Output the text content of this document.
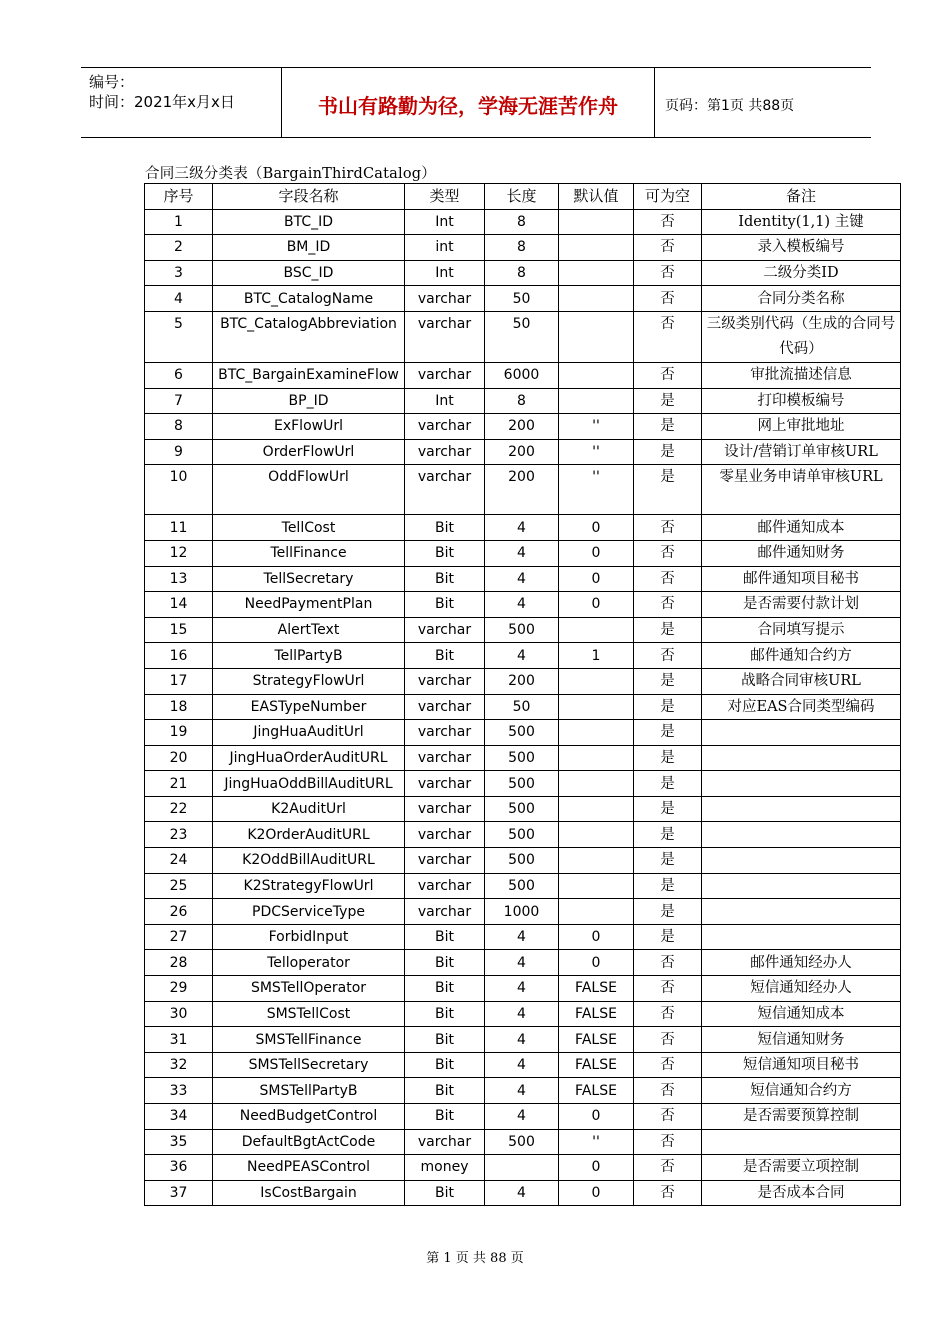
编号：
时间：2021年x月x日	书山有路勤为径，学海无涯苦作舟	页码：第1页 共88页
合同三级分类表（BargainThirdCatalog）
序号	字段名称	类型	长度	默认值	可为空	备注
1	BTC_ID	Int	8		否	Identity(1,1) 主键
2	BM_ID	int	8		否	录入模板编号
3	BSC_ID	Int	8		否	二级分类ID
4	BTC_CatalogName	varchar	50		否	合同分类名称
5	BTC_CatalogAbbreviation	varchar	50		否	三级类别代码（生成的合同号代码）
6	BTC_BargainExamineFlow	varchar	6000		否	审批流描述信息
7	BP_ID	Int	8		是	打印模板编号
8	ExFlowUrl	varchar	200	''	是	网上审批地址
9	OrderFlowUrl	varchar	200	''	是	设计/营销订单审核URL
10	OddFlowUrl	varchar	200	''	是	零星业务申请单审核URL
11	TellCost	Bit	4	0	否	邮件通知成本
12	TellFinance	Bit	4	0	否	邮件通知财务
13	TellSecretary	Bit	4	0	否	邮件通知项目秘书
14	NeedPaymentPlan	Bit	4	0	否	是否需要付款计划
15	AlertText	varchar	500		是	合同填写提示
16	TellPartyB	Bit	4	1	否	邮件通知合约方
17	StrategyFlowUrl	varchar	200		是	战略合同审核URL
18	EASTypeNumber	varchar	50		是	对应EAS合同类型编码
19	JingHuaAuditUrl	varchar	500		是	
20	JingHuaOrderAuditURL	varchar	500		是	
21	JingHuaOddBillAuditURL	varchar	500		是	
22	K2AuditUrl	varchar	500		是	
23	K2OrderAuditURL	varchar	500		是	
24	K2OddBillAuditURL	varchar	500		是	
25	K2StrategyFlowUrl	varchar	500		是	
26	PDCServiceType	varchar	1000		是	
27	ForbidInput	Bit	4	0	是	
28	Telloperator	Bit	4	0	否	邮件通知经办人
29	SMSTellOperator	Bit	4	FALSE	否	短信通知经办人
30	SMSTellCost	Bit	4	FALSE	否	短信通知成本
31	SMSTellFinance	Bit	4	FALSE	否	短信通知财务
32	SMSTellSecretary	Bit	4	FALSE	否	短信通知项目秘书
33	SMSTellPartyB	Bit	4	FALSE	否	短信通知合约方
34	NeedBudgetControl	Bit	4	0	否	是否需要预算控制
35	DefaultBgtActCode	varchar	500	''	否	
36	NeedPEASControl	money		0	否	是否需要立项控制
37	IsCostBargain	Bit	4	0	否	是否成本合同
第 1 页 共 88 页
